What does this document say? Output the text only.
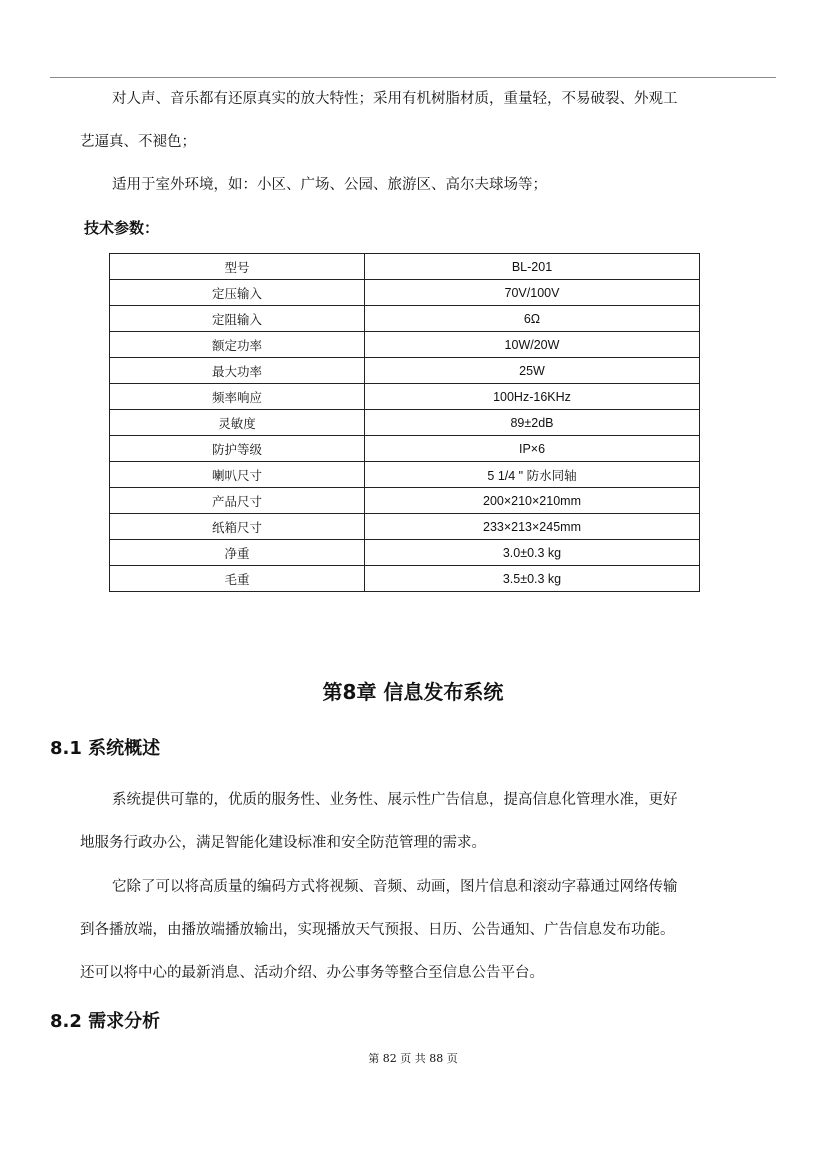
对人声、音乐都有还原真实的放大特性；采用有机树脂材质，重量轻，不易破裂、外观工

艺逼真、不褪色；

适用于室外环境，如：小区、广场、公园、旅游区、高尔夫球场等；

技术参数：

型号	BL-201
定压输入	70V/100V
定阻输入	6Ω
额定功率	10W/20W
最大功率	25W
频率响应	100Hz-16KHz
灵敏度	89±2dB
防护等级	IP×6
喇叭尺寸	5 1/4 " 防水同轴
产品尺寸	200×210×210mm
纸箱尺寸	233×213×245mm
净重	3.0±0.3 kg
毛重	3.5±0.3 kg
第8章 信息发布系统
8.1 系统概述

系统提供可靠的，优质的服务性、业务性、展示性广告信息，提高信息化管理水准，更好

地服务行政办公，满足智能化建设标准和安全防范管理的需求。

它除了可以将高质量的编码方式将视频、音频、动画，图片信息和滚动字幕通过网络传输

到各播放端，由播放端播放输出，实现播放天气预报、日历、公告通知、广告信息发布功能。

还可以将中心的最新消息、活动介绍、办公事务等整合至信息公告平台。

8.2 需求分析
第 82 页 共 88 页
